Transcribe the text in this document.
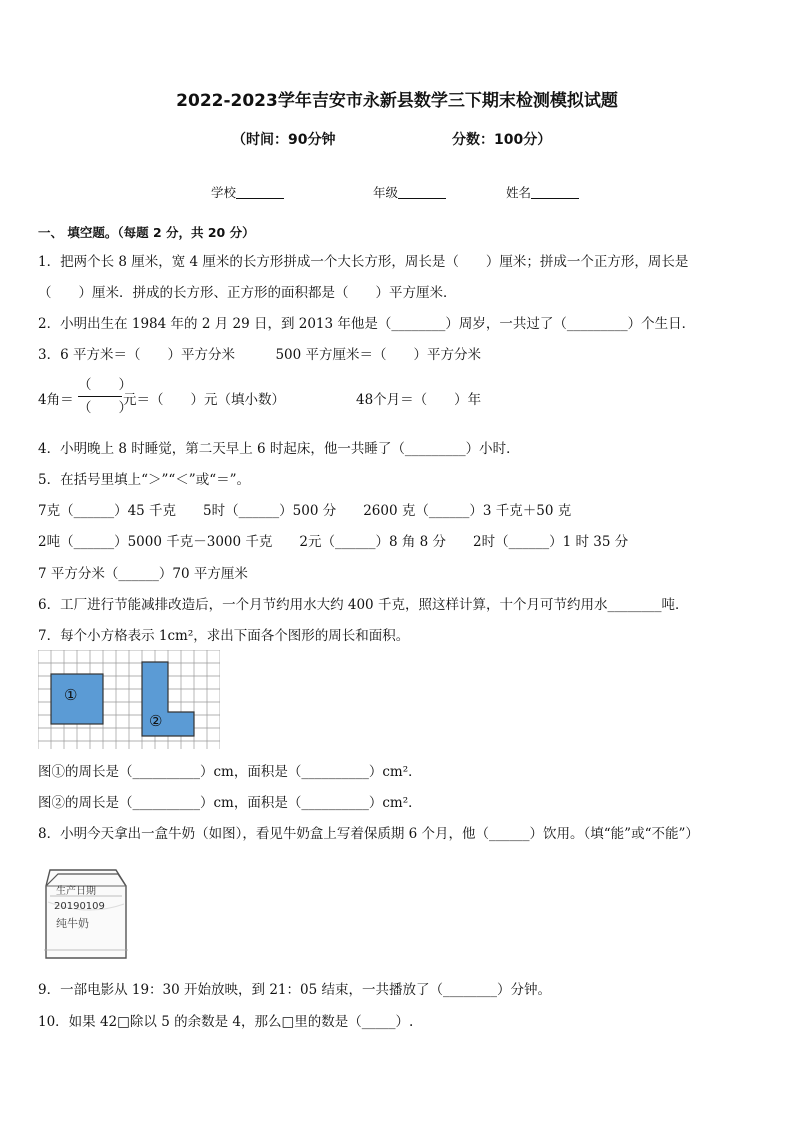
2022-2023学年吉安市永新县数学三下期末检测模拟试题
（时间：90分钟	分数：100分）
学校	年级	姓名
一、 填空题。（每题 2 分，共 20 分）
1．把两个长 8 厘米，宽 4 厘米的长方形拼成一个大长方形，周长是（　　）厘米；拼成一个正方形，周长是
（　　）厘米．拼成的长方形、正方形的面积都是（　　）平方厘米．
2．小明出生在 1984 年的 2 月 29 日，到 2013 年他是（________）周岁，一共过了（_________）个生日．
3．6 平方米＝（　　）平方分米　　　500 平方厘米＝（　　）平方分米
4角＝
（　　）
（　　）
元＝（　　）元（填小数）	48个月＝（　　）年
4．小明晚上 8 时睡觉，第二天早上 6 时起床，他一共睡了（_________）小时．
5．在括号里填上“＞”“＜”或“＝”。
7克（______）45 千克　　5时（______）500 分　　2600 克（______）3 千克＋50 克
2吨（______）5000 千克－3000 千克　　2元（______）8 角 8 分　　2时（______）1 时 35 分
7 平方分米（______）70 平方厘米
6．工厂进行节能减排改造后，一个月节约用水大约 400 千克，照这样计算，十个月可节约用水________吨．
7．每个小方格表示 1cm²，求出下面各个图形的周长和面积。
①
②
图①的周长是（__________）cm，面积是（__________）cm²．
图②的周长是（__________）cm，面积是（__________）cm²．
8．小明今天拿出一盒牛奶（如图），看见牛奶盒上写着保质期 6 个月，他（______）饮用。（填“能”或“不能”）
生产日期
20190109
纯牛奶
9．一部电影从 19：30 开始放映，到 21：05 结束，一共播放了（________）分钟。
10．如果 42□除以 5 的余数是 4，那么□里的数是（_____）.
